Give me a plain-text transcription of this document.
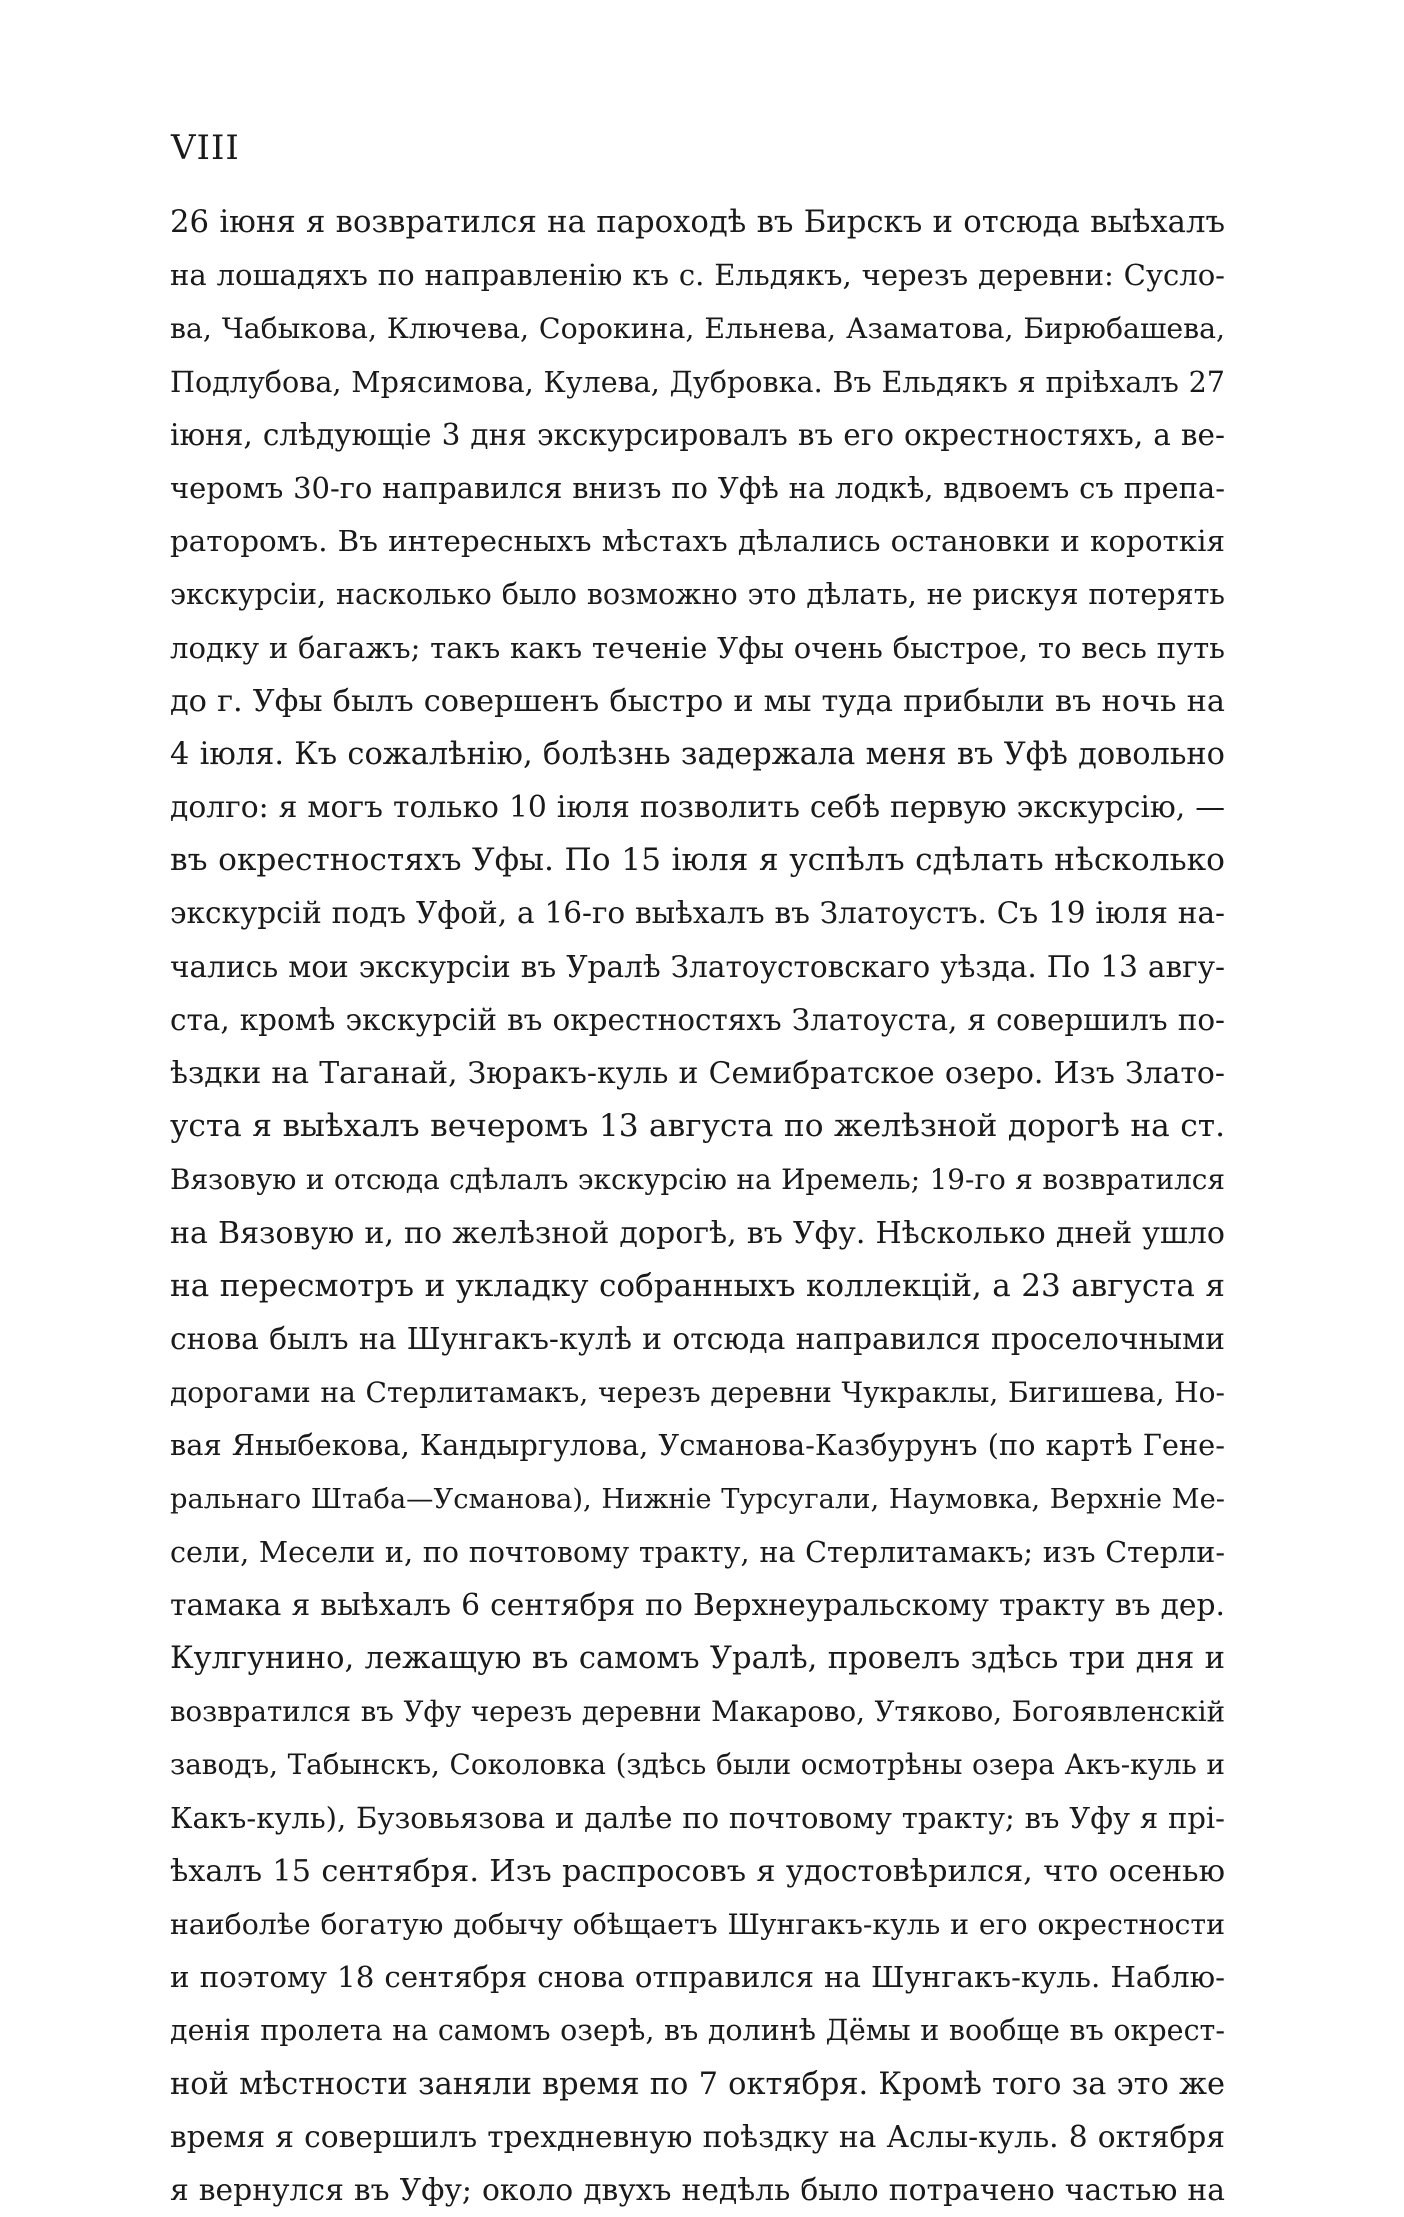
VIII
26 іюня я возвратился на пароходѣ въ Бирскъ и отсюда выѣхалъ
на лошадяхъ по направленію къ с. Ельдякъ, черезъ деревни: Сусло-
ва, Чабыкова, Ключева, Сорокина, Ельнева, Азаматова, Бирюбашева,
Подлубова, Мрясимова, Кулева, Дубровка. Въ Ельдякъ я пріѣхалъ 27
іюня, слѣдующіе 3 дня экскурсировалъ въ его окрестностяхъ, а ве-
черомъ 30-го направился внизъ по Уфѣ на лодкѣ, вдвоемъ съ препа-
раторомъ. Въ интересныхъ мѣстахъ дѣлались остановки и короткія
экскурсіи, насколько было возможно это дѣлать, не рискуя потерять
лодку и багажъ; такъ какъ теченіе Уфы очень быстрое, то весь путь
до г. Уфы былъ совершенъ быстро и мы туда прибыли въ ночь на
4 іюля. Къ сожалѣнію, болѣзнь задержала меня въ Уфѣ довольно
долго: я могъ только 10 іюля позволить себѣ первую экскурсію, —
въ окрестностяхъ Уфы. По 15 іюля я успѣлъ сдѣлать нѣсколько
экскурсій подъ Уфой, а 16-го выѣхалъ въ Златоустъ. Съ 19 іюля на-
чались мои экскурсіи въ Уралѣ Златоустовскаго уѣзда. По 13 авгу-
ста, кромѣ экскурсій въ окрестностяхъ Златоуста, я совершилъ по-
ѣздки на Таганай, Зюракъ-куль и Семибратское озеро. Изъ Злато-
уста я выѣхалъ вечеромъ 13 августа по желѣзной дорогѣ на ст.
Вязовую и отсюда сдѣлалъ экскурсію на Иремель; 19-го я возвратился
на Вязовую и, по желѣзной дорогѣ, въ Уфу. Нѣсколько дней ушло
на пересмотръ и укладку собранныхъ коллекцій, а 23 августа я
снова былъ на Шунгакъ-кулѣ и отсюда направился проселочными
дорогами на Стерлитамакъ, черезъ деревни Чукраклы, Бигишева, Но-
вая Яныбекова, Кандыргулова, Усманова-Казбурунъ (по картѣ Гене-
ральнаго Штаба—Усманова), Нижніе Турсугали, Наумовка, Верхніе Ме-
сели, Месели и, по почтовому тракту, на Стерлитамакъ; изъ Стерли-
тамака я выѣхалъ 6 сентября по Верхнеуральскому тракту въ дер.
Кулгунино, лежащую въ самомъ Уралѣ, провелъ здѣсь три дня и
возвратился въ Уфу черезъ деревни Макарово, Утяково, Богоявленскій
заводъ, Табынскъ, Соколовка (здѣсь были осмотрѣны озера Акъ-куль и
Какъ-куль), Бузовьязова и далѣе по почтовому тракту; въ Уфу я прі-
ѣхалъ 15 сентября. Изъ распросовъ я удостовѣрился, что осенью
наиболѣе богатую добычу обѣщаетъ Шунгакъ-куль и его окрестности
и поэтому 18 сентября снова отправился на Шунгакъ-куль. Наблю-
денія пролета на самомъ озерѣ, въ долинѣ Дёмы и вообще въ окрест-
ной мѣстности заняли время по 7 октября. Кромѣ того за это же
время я совершилъ трехдневную поѣздку на Аслы-куль. 8 октября
я вернулся въ Уфу; около двухъ недѣль было потрачено частью на
